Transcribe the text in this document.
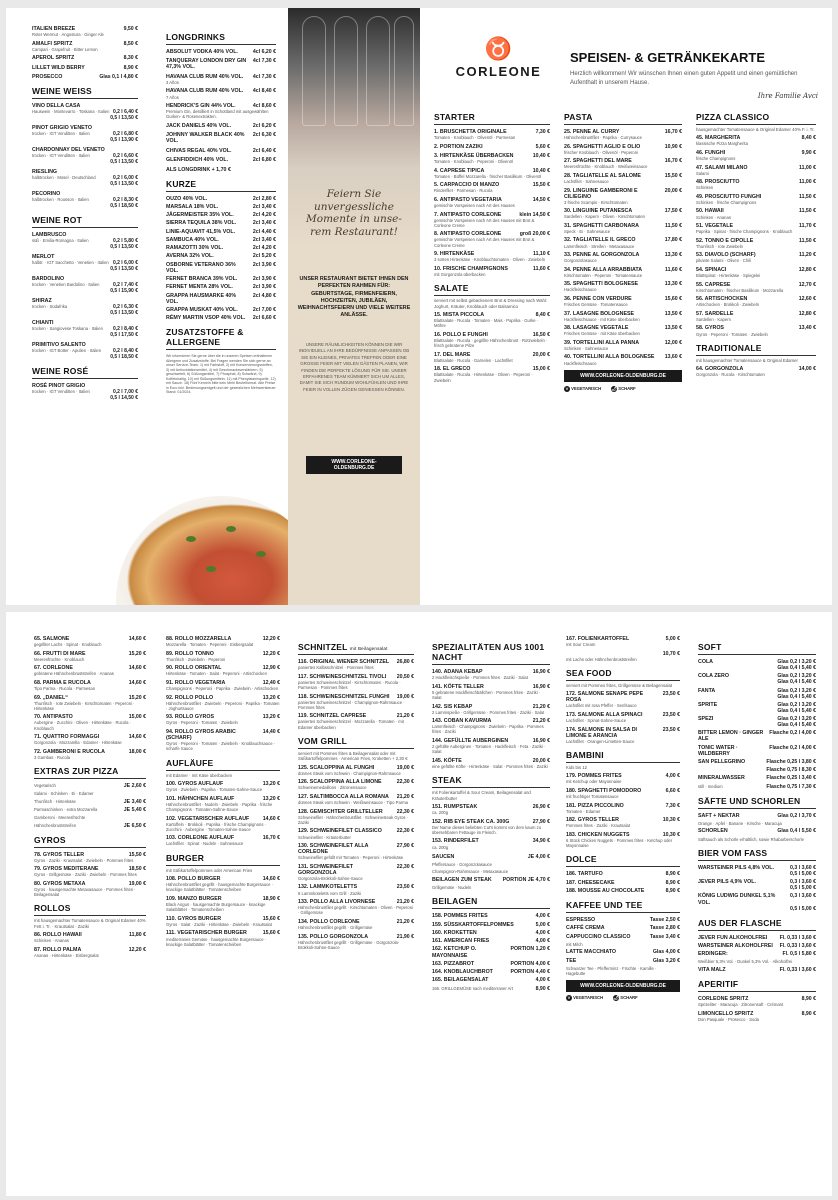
ITALIEN BREEZE	9,50 €
Roter Wermut · Angostura · Ginger Ale
AMALFI SPRITZ	8,50 €
Campari · Grapefruit · Bitter Lemon
APEROL SPRITZ	8,30 €
LILLET WILD BERRY	8,90 €
PROSECCO	Glas 0,1 l 4,80 €
WEINE WEISS
VINO DELLA CASA
Hauswein · Montevarro · Toskana · Italien 0,2 l 6,40 €
0,5 l 13,50 €
PINOT GRIGIO VENETO
trocken · IGT Venditten · Italien	0,2 l 6,80 €
0,5 l 13,90 €
CHARDONNAY DEL VENETO
trocken · IGT Venditten · Italien	0,2 l 6,60 €
0,5 l 13,50 €
RIESLING
halbtrocken · Mosel · Deutschland	0,2 l 6,00 €
0,5 l 13,50 €
PECORINO
halbtrocken · Rousson · Italien	0,2 l 8,30 €
0,5 l 18,50 €
WEINE ROT
LAMBRUSCO
süß · Emilia-Romagna · Italien	0,2 l 5,80 €
0,5 l 13,50 €
MERLOT
halbtr. · IGT Sacchetto · Venetien · Italien 0,2 l 6,00 €
0,5 l 13,50 €
BARDOLINO
trocken · Venetien Bardolino · Italien	0,2 l 7,40 €
0,5 l 15,90 €
SHIRAZ
trocken · Südafrika	0,2 l 6,30 €
0,5 l 13,50 €
CHIANTI
trocken · Sangiovese Toskana · Italien 0,2 l 8,40 €
0,5 l 17,50 €
PRIMITIVO SALENTO
trocken · IGT Botter · Apulien · Italien 0,2 l 8,40 €
0,5 l 18,50 €
WEINE ROSÉ
ROSÉ PINOT GRIGIO
trocken · IGT Venditten · Italien	0,2 l 7,00 €
0,5 l 14,50 €
LONGDRINKS
ABSOLUT VODKA 40% VOL.	4cl 6,20 €
TANQUERAY LONDON DRY GIN 47,3% VOL.
4cl 7,30 €
HAVANA CLUB RUM 40% VOL. 4cl 7,30 €
3 Años
HAVANA CLUB RUM 40% VOL. 4cl 8,40 €
7 Años
HENDRICK'S GIN 44% VOL.	4cl 8,60 €
Premium Gin, destilliert in Schottland mit ausgewählten Gurken- & Rosenextrakten.
JACK DANIELS 40% VOL.	2cl 6,20 €
JOHNNY WALKER BLACK 40% VOL.
2cl 6,30 €
CHIVAS REGAL 40% VOL.	2cl 6,40 €
GLENFIDDICH 40% VOL.	2cl 6,80 €
ALS LONGDRINK + 1,70 €
KURZE
OUZO 40% VOL.	2cl 2,80 €
MARSALA 18% VOL.	2cl 3,40 €
JÄGERMEISTER 35% VOL.	2cl 4,20 €
SIERRA TEQUILA 38% VOL.	2cl 3,40 €
LINIE-AQUAVIT 41,5% VOL.	2cl 4,40 €
SAMBUCA 40% VOL.	2cl 3,40 €
RAMAZOTTI 30% VOL.	2cl 4,20 €
AVERNA 32% VOL.	2cl 5,20 €
OSBORNE VETERANO 36% VOL.
2cl 3,90 €
FERNET BRANCA 39% VOL.	2cl 3,90 €
FERNET MENTA 28% VOL.	2cl 3,90 €
GRAPPA HAUSMARKE 40% VOL.
2cl 4,80 €
GRAPPA MUSKAT 40% VOL.	2cl 7,00 €
RÉMY MARTIN VSOP 40% VOL. 2cl 6,60 €
ZUSATZSTOFFE & ALLERGENE
Wir informieren Sie gerne über die in unseren Speisen enthaltenen Allergene und Zusatzstoffe. Bei Fragen wenden Sie sich gerne an unser Service-Team. 1) mit Farbstoff, 2) mit Konservierungsstoffen, 3) mit Antioxidationsmittel, 4) mit Geschmacksverstärkern, 5) geschwefelt, 6) Süßungsmittel, 7) Phosphat, 8) Schwärzt, 9) Koffeinhaltig, 10) mit Süßungsmitteln, 11) mit Phenylalaninquelle, 12) mit Sauce. 18) Fünf Kerneln bitte kein Mehl Beutelformat. Alle Preise in Euro inkl. Bedienungsentgelt und der gesetzlichen Mehrwertsteuer Stand: 01/2024.
Feiern Sie unvergessliche Momente in unse- rem Restaurant!
UNSER RESTAURANT BIETET IHNEN DEN PERFEKTEN RAHMEN FÜR: GEBURTSTAGE, FIRMENFEIERN, HOCHZEITEN, JUBILÄEN, WEIHNACHTSFEIERN UND VIELE WEITERE ANLÄSSE.
UNSERE RÄUMLICHKEITEN KÖNNEN DIE WIR INDIVIDUELL AN IHRE BEDÜRFNISSE ANPASSEN OB SIE EIN KLEINES, PRIVATES TREFFEN ODER EINE GROSSE FEIER MIT VIELEN GÄSTEN PLANEN, WIR FINDEN DIE PERFEKTE LÖSUNG FÜR SIE. UNSER ERFAHRENES TEAM KÜMMERT SICH UM ALLES, DAMIT SIE SICH RUNDUM WOHLFÜHLEN UND IHRE FEIER IN VOLLEN ZÜGEN GENIESSEN KÖNNEN.
WWW.CORLEONE-OLDENBURG.DE
♉
CORLEONE
SPEISEN- & GETRÄNKEKARTE
Herzlich willkommen! Wir wünschen Ihnen einen guten Appetit und einen gemütlichen Aufenthalt in unserem Hause.
Ihre Familie Avci
STARTER
1. BRUSCHETTA ORIGINALE	7,30 €
Tomaten · Knoblauch · Olivenöl · Parmesan
2. PORTION ZAZIKI	5,60 €
3. HIRTENKÄSE ÜBERBACKEN	10,40 €
Tomaten · Knoblauch · Peperoni · Olivenöl
4. CAPRESE TIPICA	10,40 €
Tomaten · Büffel Mozzarella · frischer Basilikum · Olivenöl
5. CARPACCIO DI MANZO	15,50 €
Rinderfilet · Parmesan · Rucola
6. ANTIPASTO VEGETARIA	14,50 €
gemischte Vorspeisen nach Art des Hauses
7. ANTIPASTO CORLEONE	klein 14,50 €
gemischte Vorspeisen nach Art des Hauses mit Brot & Corleone Creme
8. ANTIPASTO CORLEONE	groß 20,00 €
gemischte Vorspeisen nach Art des Hauses mit Brot & Corleone Creme
9. HIRTENKÄSE	11,10 €
3 sorten Hirtenkäse · Knoblauchtomaten · Oliven · Zwiebeln
10. FRISCHE CHAMPIGNONS	11,60 €
mit Gorgonzola überbacken
SALATE
serviert mit selbst gebackenem Brot & Dressing nach Wahl: Joghurt, Kräuter, Knoblauch oder Balsamico
15. MISTA PICCOLA	8,40 €
Blattsalate · Rucola · Tomaten · Mais · Paprika · Gurke · Möhre
16. POLLO E FUNGHI	16,50 €
Blattsalate · Rucola · gegrillte Hähnchenbrust · Rotzwiebeln · frisch gebratene Pilze
17. DEL MARE	20,00 €
Blattsalate · Rucola · Garnelen · Lachsfilet
18. EL GRECO	15,00 €
Blattsalate · Rucola · Hirtenkäse · Oliven · Peperoni · Zwiebeln
PASTA
25. PENNE AL CURRY	16,70 €
Hähnchenbrustfilet · Paprika · Currysauce
26. SPAGHETTI AGLIO E OLIO	10,90 €
frischer Knoblauch · Olivenöl · Peperoni
27. SPAGHETTI DEL MARE	16,70 €
Meeresfrüchte · Knoblauch · Weißweinsauce
28. TAGLIATELLE AL SALOME	15,50 €
Lachsfilet · Sahnesauce
29. LINGUINE GAMBERONI E CILIEGINO
20,00 €
3 frische Scampis · Kirschtomaten
30. LINGUINE PUTANESCA	17,50 €
Sardellen · Kapern · Oliven · Kirschtomaten
31. SPAGHETTI CARBONARA	11,50 €
Speck · Ei · Sahnesauce
32. TAGLIATELLE IL GRECO	17,80 €
Lammfleisch · Streifen · Metaxasauce
33. PENNE AL GORGONZOLA	13,30 €
Gorgonzolasauce
34. PENNE ALLA ARRABBIATA	11,60 €
Kirschtomaten · Peperoni · Tomatensauce
35. SPAGHETTI BOLOGNESE	13,30 €
Hackfleischsauce
36. PENNE CON VERDURE	15,60 €
Frisches Gemüse · Tomatensauce
37. LASAGNE BOLOGNESE	13,50 €
Hackfleischsauce · mit Käse überbacken
38. LASAGNE VEGETALE	13,50 €
Frisches Gemüse · mit Käse überbacken
39. TORTELLINI ALLA PANNA	12,00 €
Schinken · Sahnesauce
40. TORTELLINI ALLA BOLOGNESE 13,60 €
Hackfleischsauce
WWW.CORLEONE-OLDENBURG.DE
V VEGETARISCH	🌶 SCHARF
PIZZA CLASSICO
hausgemachter Tomatensauce & Original Edamer 40% F. i. Tr.
45. MARGHERITA	8,40 €
klassische Pizza Margherita
46. FUNGHI	9,90 €
frische Champignons
47. SALAMI MILANO	11,00 €
Salami
48. PROSCIUTTO	11,00 €
Schinken
49. PROSCIUTTO FUNGHI	11,50 €
Schinken · frische Champignons
50. HAWAII	11,50 €
Schinken · Ananas
51. VEGETALE	11,70 €
Paprika · Spinat · frische Champignons · Knoblauch
52. TONNO E CIPOLLE	11,50 €
Thunfisch · rote Zwiebeln
53. DIAVOLO (SCHARF)	11,20 €
pikante Salami · Oliven · Chili
54. SPINACI	12,80 €
Blattspinat · Hirtenkäse · Spiegelei
55. CAPRESE	12,70 €
Kirschtomaten · frischer Basilikum · Mozzarella
56. ARTISCHOCKEN	12,60 €
Artischocken · Brokkoli · Zwiebeln
57. SARDELLE	12,80 €
Sardellen · Kapern
58. GYROS	13,40 €
Gyros · Peperoni · Tomaten · Zwiebeln
TRADITIONALE
mit hausgemachter Tomatensauce & Original Edamer
64. GORGONZOLA	14,00 €
Gorgonzola · Rucola · Kirschtomaten
65. SALMONE	14,60 €
gegrillter Lachs · Spinat · Knoblauch
66. FRUTTI DI MARE	15,20 €
Meeresfrüchte · Knoblauch
67. CORLEONE	14,60 €
gebratene Hähnchenbruststreifen · Ananas
68. PARMA E RUCOLA	14,60 €
Tipo Parma · Rucola · Parmesan
69. „DANIEL“	15,20 €
Thunfisch · rote Zwiebeln · Kirschtomaten · Peperoni · Hirtenkäse
70. ANTIPASTO	15,00 €
Aubergine · Zucchini · Oliven · Hirtenkäse · Rucola · Knoblauch
71. QUATTRO FORMAGGI	14,60 €
Gorgonzola · Mozzarella · Edamer · Hirtenkäse
72. GAMBERONI E RUCOLA	18,00 €
3 Gambas · Rucola
EXTRAS ZUR PIZZA
Vegetarisch	JE 2,60 €
Salami · Schinken · Ei · Edamer
Thunfisch · Hirtenkäse	JE 3,40 €
Parmaschinken · extra Mozzarella	JE 5,40 €
Gamberoni · Meeresfrüchte
Hähnchenbruststreifen	JE 6,50 €
GYROS
78. GYROS TELLER	15,50 €
Gyros · Zaziki · Krautsalat · Zwiebeln · Pommes frites
79. GYROS MEDITERANE	18,50 €
Gyros · Grillgemüse · Zaziki · Zwiebeln · Pommes frites
80. GYROS METAXA	19,00 €
Gyros · hausgemachte Metaxasauce · Pommes frites · Beilagensalat
ROLLOS
mit hausgemachter Tomatensauce & Original Edamer 40% Fett i. Tr. · Krautsalat · Zaziki
86. ROLLO HAWAII	11,80 €
Schinken · Ananas
87. ROLLO PALMA	12,20 €
Ananas · Hirtenkäse · Eisbergsalat
88. ROLLO MOZZARELLA	12,20 €
Mozzarella · Tomaten · Peperoni · Eisbergsalat
89. ROLLO TONNO	12,20 €
Thunfisch · Zwiebeln · Peperoni
90. ROLLO ORIENTAL	12,90 €
Hirtenkäse · Tomaten · Salat · Peperoni · Artischocken
91. ROLLO VEGETARIA	12,40 €
Champignons · Peperoni · Paprika · Zwiebeln · Artischocken
92. ROLLO POLLO	13,20 €
Hähnchenbrustfilet · Zwiebeln · Peperoni · Paprika · Tomaten · Joghurtsauce
93. ROLLO GYROS	13,20 €
Gyros · Peperoni · Tomaten · Zwiebeln
94. ROLLO GYROS ARABIC (SCHARF)
14,40 €
Gyros · Peperoni · Tomaten · Zwiebeln · Knoblauchsauce · scharfe Sauce
AUFLÄUFE
mit Edamer · mit Käse überbacken
100. GYROS AUFLAUF	13,20 €
Gyros · Zwiebeln · Paprika · Tomaten-Sahne-Sauce
101. HÄHNCHEN AUFLAUF	13,20 €
Hähnchenbrustfilet · Nudeln · Zwiebeln · Paprika · frische Champignons · Tomaten-Sahne-Sauce
102. VEGETARISCHER AUFLAUF	14,60 €
Kartoffeln · Brokkoli · Paprika · frische Champignons · Zucchini · Aubergine · Tomaten-Sahne-Sauce
103. CORLEONE AUFLAUF	16,70 €
Lachsfilet · Spinat · Nudeln · Sahnesauce
BURGER
mit Süßkartoffelpommes oder American Fries
108. POLLO BURGER	14,60 €
Hähnchenbrustfilet gegrillt · hausgemachte Burgersauce · knackige Salatblätter · Tomatenscheiben
109. MANZO BURGER	18,90 €
Black Angus · hausgemachte Burgersauce · knackige Salatblätter · Tomatenscheiben
110. GYROS BURGER	15,60 €
Gyros · Salat · Zaziki · Hirtenkäse · Zwiebeln · Krautsalat
111. VEGETARISCHER BURGER	15,60 €
mediterranes Gemüse · hausgemachte Burgersauce · knackige Salatblätter · Tomatenscheiben
SCHNITZEL mit Beilagensalat
116. ORIGINAL WIENER SCHNITZEL 26,80 €
paniertes Kalbsschnitzel · Pommes frites
117. SCHWEINESCHNITZEL TIVOLI 20,50 €
paniertes Schweineschnitzel · Kirschtomaten · Rucola · Parmesan · Pommes frites
118. SCHWEINESCHNITZEL FUNGHI 19,00 €
paniertes Schweineschnitzel · Champignon-Rahmsauce · Pommes frites
119. SCHNITZEL CAPRESE	21,20 €
paniertes Schweineschnitzel · Mozzarella · Tomaten · mit Edamer überbacken
VOM GRILL
serviert mit Pommes frites & Beilagensalat oder mit Süßkartoffelpommes · American Fries, Kroketten + 2,30 €
125. SCALOPPINA AL FUNGHI	19,00 €
dünnes Steak vom Schwein · Champignon-Rahmsauce
126. SCALOPPINA ALLA LIMONE	22,30 €
Schweinemedaillons · Zitronensauce
127. SALTIMBOCCA ALLA ROMANA 21,20 €
dünnes Steak vom Schwein · Weißweinsauce · Tipo Parma
128. GEMISCHTER GRILLTELLER	22,30 €
Schweinefilet · Hähnchenbrustfilet · Schweinesteak Gyros · Zaziki
129. SCHWEINEFILET CLASSICO	22,30 €
Schweinefilet · Kräuterbutter
130. SCHWEINEFILET ALLA CORLEONE
27,90 €
Schweinefilet gefüllt mit Tomaten · Peperoni · Hirtenkäse
131. SCHWEINEFILET GORGONZOLA
22,30 €
Gorgonzola-Brokkoli-Sahne-Sauce
132. LAMMKOTELETTS	23,50 €
6 Lammkoteletts vom Grill · Zaziki
133. POLLO ALLA LIVORNESE	21,20 €
Hähnchenbrustfilet gegrillt · Kirschtomaten · Oliven · Peperoni · Grillgemüse
134. POLLO CORLEONE	21,20 €
Hähnchenbrustfilet gegrillt · Grillgemüse
135. POLLO GORGONZOLA	21,90 €
Hähnchenbrustfilet gegrillt · Grillgemüse · Gorgonzola-Brokkoli-Sahne-Sauce
SPEZIALITÄTEN AUS 1001 NACHT
140. ADANA KEBAP	16,90 €
2 Hackfleischspieße · Pommes frites · Zaziki · Salat
141. KÖFTE TELLER	16,90 €
5 gebratene Hackfleischbällchen · Pommes frites · Zaziki · Salat
142. SIS KEBAP	21,20 €
2 Lammspieße · Grillgemüse · Pommes frites · Zaziki · Salat
143. COBAN KAVURMA	21,20 €
Lammfleisch · Champignons · Zwiebeln · Paprika · Pommes frites · Zaziki
144. GEFÜLLTE AUBERGINEN	16,90 €
2 gefüllte Auberginen · Tomaten · Hackfleisch · Feta · Zaziki · Salat
145. KÖFTE	20,00 €
eine gefüllte Köfte · Hirtenkäse · Salat · Pommes frites · Zaziki
STEAK
mit Folienkartoffel & Sour Cream, Beilagensalat und Kräuterbutter
151. RUMPSTEAK	26,90 €
ca. 200g
152. RIB EYE STEAK CA. 300G	27,90 €
Der Name dieses beliebten Cut's kommt von dem kaum zu übersehbaren Fettauge im Fleisch.
153. RINDERFILET	34,90 €
ca. 200g
SAUCEN	JE 4,00 €
Pfeffersauce · Gorgonzolasauce
Champignon-Rahmsauce · Metaxasauce
BEILAGEN ZUM STEAK PORTION JE 4,70 €
Grillgemüse · Nudeln
BEILAGEN
158. POMMES FRITES	4,00 €
159. SÜSSKARTOFFELPOMMES	5,00 €
160. KROKETTEN	4,00 €
161. AMERICAN FRIES	4,00 €
162. KETCHUP O. MAYONNAISE
PORTION 1,20 €
163. PIZZABROT	PORTION 4,00 €
164. KNOBLAUCHBROT	PORTION 4,40 €
165. BEILAGENSALAT	4,00 €
166. GRILLGEMÜSE nach mediterraner Art	8,90 €
167. FOLIENKARTOFFEL	5,00 €
mit Sour Cream
10,70 €
mit Lachs oder Hähnchenbruststreifen
SEA FOOD
serviert mit Pommes frites, Grillgemüse & Beilagensalat
172. SALMONE SENAPE PEPE ROSA
23,50 €
Lachsfilet mit rosa Pfeffer · Senfsauce
173. SALMONE ALLA SPINACI	23,50 €
Lachsfilet · Spinat-Sahne-Sauce
174. SALMONE IN SALSA DI LIMONE E ARANCIA
23,50 €
Lachsfilet · Orangen-Limetten-Sauce
BAMBINI
Kids bis 12
179. POMMES FRITES	4,00 €
mit Ketchup oder Mayonnaise
180. SPAGHETTI POMODORO	6,60 €
mit fruchtiger Tomatensauce
181. PIZZA PICCOLINO	7,30 €
Tomaten · Edamer
182. GYROS TELLER	10,30 €
Pommes frites · Zaziki · Krautsalat
183. CHICKEN NUGGETS	10,30 €
6 Stück Chicken Nuggets · Pommes frites · Ketchup oder Mayonnaise
DOLCE
186. TARTUFO	8,90 €
187. CHEESECAKE	8,90 €
188. MOUSSE AU CHOCOLATE	8,90 €
KAFFEE UND TEE
ESPRESSO	Tasse 2,50 €
CAFFÉ CREMA	Tasse 2,80 €
CAPPUCCINO CLASSICO	Tasse 3,40 €
mit Milch
LATTE MACCHIATO	Glas 4,00 €
TEE	Glas 3,20 €
Schwarzer Tee · Pfefferminz · Früchte · Kamille · Hagebutte
WWW.CORLEONE-OLDENBURG.DE
V VEGETARISCH	🌶 SCHARF
SOFT
COLA	Glas 0,2 l 3,20 €
Glas 0,4 l 5,40 €
COLA ZERO	Glas 0,2 l 3,20 €
Glas 0,4 l 5,40 €
FANTA	Glas 0,2 l 3,20 €
Glas 0,4 l 5,40 €
SPRITE	Glas 0,2 l 3,20 €
Glas 0,4 l 5,40 €
SPEZI	Glas 0,2 l 3,20 €
Glas 0,4 l 5,40 €
BITTER LEMON · GINGER ALE
Flasche 0,2 l 4,00 €
TONIC WATER · WILDBERRY
Flasche 0,2 l 4,00 €
SAN PELLEGRINO	Flasche 0,25 l 3,80 €
Flasche 0,75 l 8,30 €
MINERALWASSER	Flasche 0,25 l 3,40 €
still · medium	Flasche 0,75 l 7,30 €
SÄFTE UND SCHORLEN
SAFT + NEKTAR	Glas 0,2 l 3,70 €
Orange · Apfel · Banane · Kirsche · Maracuja
SCHORLEN	Glas 0,4 l 5,50 €
Säftsauch als Schorle erhältlich, sowie Rhabarberschorle
BIER VOM FASS
WARSTEINER PILS 4,8% VOL.	0,3 l 3,60 €
0,5 l 5,00 €
JEVER PILS 4,9% VOL.	0,3 l 3,60 €
0,5 l 5,00 €
KÖNIG LUDWIG DUNKEL 5,1% VOL.
0,3 l 3,60 €
0,5 l 5,00 €
AUS DER FLASCHE
JEVER FUN ALKOHOLFREI Fl. 0,33 l 3,60 €
WARSTEINER ALKOHOLFREI Fl. 0,33 l 3,60 €
ERDINGER:	Fl. 0,5 l 5,80 €
Weißbier 5,3% Vol. · Dunkel 5,3% Vol. · Alkoholfrei
VITA MALZ	Fl. 0,33 l 3,60 €
APERITIF
CORLEONE SPRITZ	8,90 €
Sprizeliter · Maracuja · Zitronensaft · Crémant
LIMONCELLO SPRITZ	8,90 €
Don Pasquale · Prosecco · Soda
